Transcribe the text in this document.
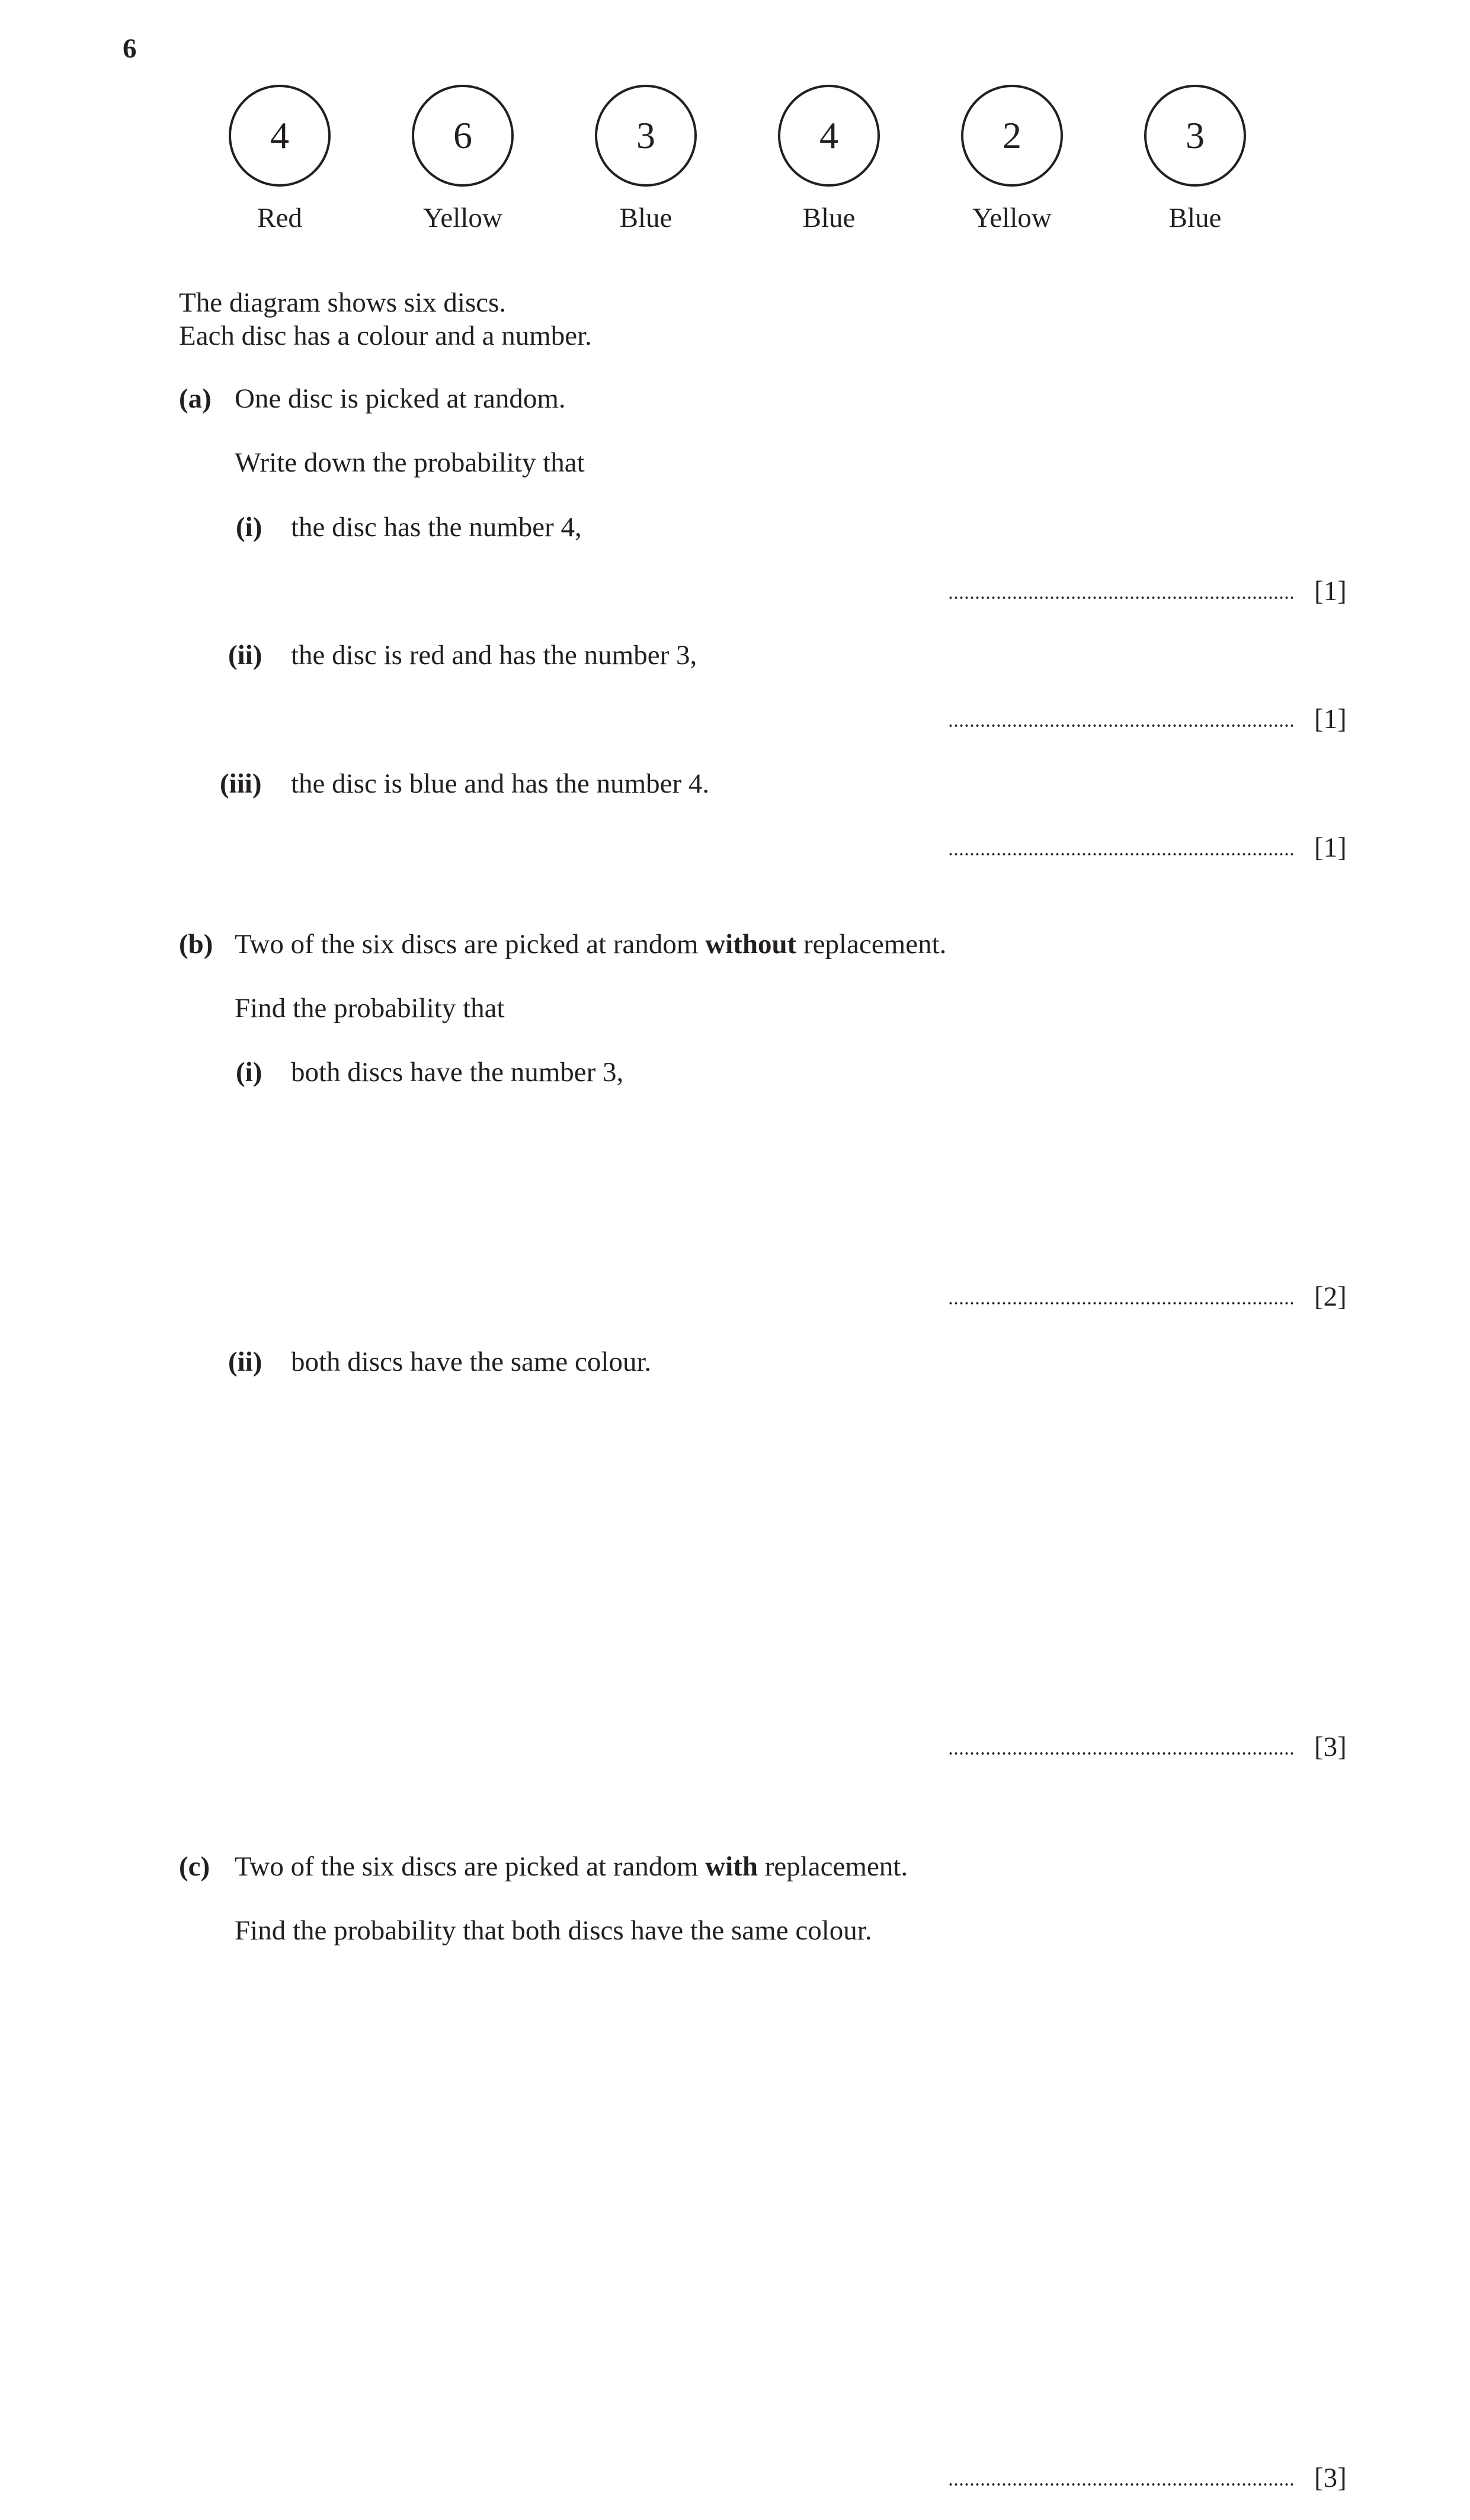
6
4	6	3	4	2	3
Red	Yellow	Blue	Blue	Yellow	Blue
The diagram shows six discs.
Each disc has a colour and a number.
(a) One disc is picked at random.
Write down the probability that
(i) the disc has the number 4,
[1]
(ii) the disc is red and has the number 3,
[1]
(iii) the disc is blue and has the number 4.
[1]
(b) Two of the six discs are picked at random without replacement.
Find the probability that
(i) both discs have the number 3,
[2]
(ii) both discs have the same colour.
[3]
(c) Two of the six discs are picked at random with replacement.
Find the probability that both discs have the same colour.
[3]
